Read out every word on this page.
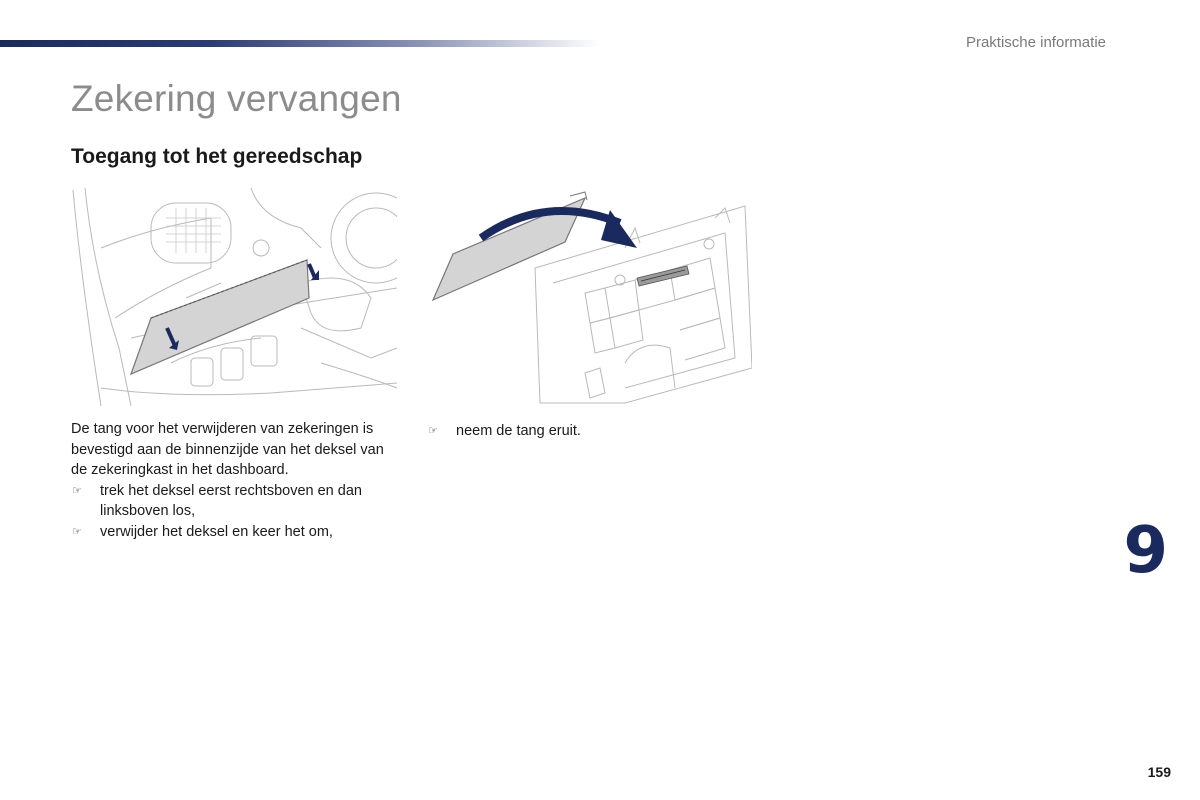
Praktische informatie
Zekering vervangen
Toegang tot het gereedschap
De tang voor het verwijderen van zekeringen is bevestigd aan de binnenzijde van het deksel van de zekeringkast in het dashboard.
☞ trek het deksel eerst rechtsboven en dan linksboven los,
☞ verwijder het deksel en keer het om,
☞ neem de tang eruit.
9
159
